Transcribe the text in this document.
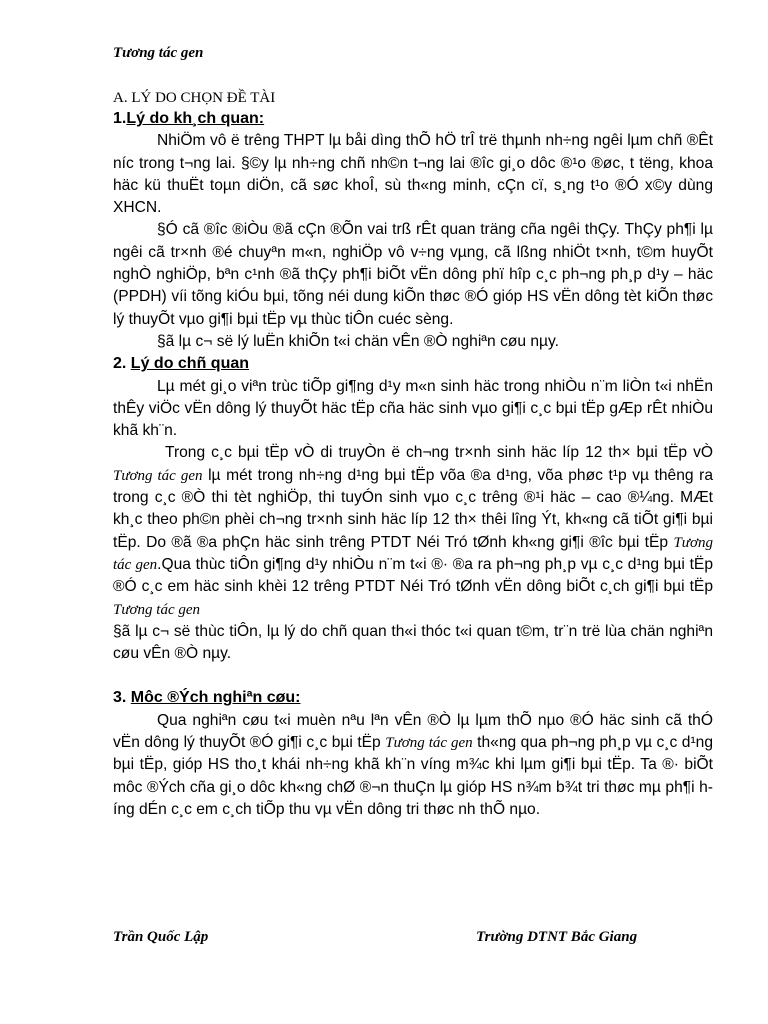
Tương tác gen

A. LÝ DO CHỌN ĐỀ TÀI

1.Lý do kh¸ch quan:

NhiÖm vô ë trêng THPT lµ båi dìng thÕ hÖ trÎ trë thµnh nh÷ng ngêi lµm chñ ®Êt níc trong t¬ng lai. §©y lµ nh÷ng chñ nh©n t¬ng lai ®îc gi¸o dôc ®¹o ®øc, t tëng, khoa häc kü thuËt toµn diÖn, cã søc khoÎ, sù th«ng minh, cÇn cï, s¸ng t¹o ®Ó x©y dùng XHCN.

§Ó cã ®îc ®iÒu ®ã cÇn ®Õn vai trß rÊt quan träng cña ngêi thÇy. ThÇy ph¶i lµ ngêi cã tr×nh ®é chuyªn m«n, nghiÖp vô v÷ng vµng, cã lßng nhiÖt t×nh, t©m huyÕt nghÒ nghiÖp, bªn c¹nh ®ã thÇy ph¶i biÕt vËn dông phï hîp c¸c ph¬ng ph¸p d¹y – häc (PPDH) víi tõng kiÓu bµi, tõng néi dung kiÕn thøc ®Ó gióp HS vËn dông tèt kiÕn thøc lý thuyÕt vµo gi¶i bµi tËp vµ thùc tiÔn cuéc sèng.

§ã lµ c¬ së lý luËn khiÕn t«i chän vÊn ®Ò nghiªn cøu nµy.

2. Lý do chñ quan

Lµ mét gi¸o viªn trùc tiÕp gi¶ng d¹y m«n sinh häc trong nhiÒu n¨m liÒn t«i nhËn thÊy viÖc vËn dông lý thuyÕt häc tËp cña häc sinh vµo gi¶i c¸c bµi tËp gÆp rÊt nhiÒu khã kh¨n.

Trong c¸c bµi tËp vÒ di truyÒn ë ch¬ng tr×nh sinh häc líp 12 th× bµi tËp vÒ Tương tác gen lµ mét trong nh÷ng d¹ng bµi tËp võa ®a d¹ng, võa phøc t¹p vµ thêng ra trong c¸c ®Ò thi tèt nghiÖp, thi tuyÓn sinh vµo c¸c trêng ®¹i häc – cao ®¼ng. MÆt kh¸c theo ph©n phèi ch¬ng tr×nh sinh häc líp 12 th× thêi lîng Ýt, kh«ng cã tiÕt gi¶i bµi tËp. Do ®ã ®a phÇn häc sinh trêng PTDT Néi Tró tØnh kh«ng gi¶i ®îc bµi tËp Tương tác gen.Qua thùc tiÔn gi¶ng d¹y nhiÒu n¨m t«i ®· ®a ra ph¬ng ph¸p vµ c¸c d¹ng bµi tËp ®Ó c¸c em häc sinh khèi 12 trêng PTDT Néi Tró tØnh vËn dông biÕt c¸ch gi¶i bµi tËp Tương tác gen

§ã lµ c¬ së thùc tiÔn, lµ lý do chñ quan th«i thóc t«i quan t©m, tr¨n trë lùa chän nghiªn cøu vÊn ®Ò nµy.

3. Môc ®Ých nghiªn cøu:

Qua nghiªn cøu t«i muèn nªu lªn vÊn ®Ò lµ lµm thÕ nµo ®Ó häc sinh cã thÓ vËn dông lý thuyÕt ®Ó gi¶i c¸c bµi tËp Tương tác gen th«ng qua ph¬ng ph¸p vµ c¸c d¹ng bµi tËp, gióp HS tho¸t khái nh÷ng khã kh¨n víng m¾c khi lµm gi¶i bµi tËp. Ta ®· biÕt môc ®Ých cña gi¸o dôc kh«ng chØ ®¬n thuÇn lµ gióp HS n¾m b¾t tri thøc mµ ph¶i híng dÉn c¸c em c¸ch tiÕp thu vµ vËn dông tri thøc nh thÕ nµo.

Trần Quốc Lập	Trường DTNT Bắc Giang
